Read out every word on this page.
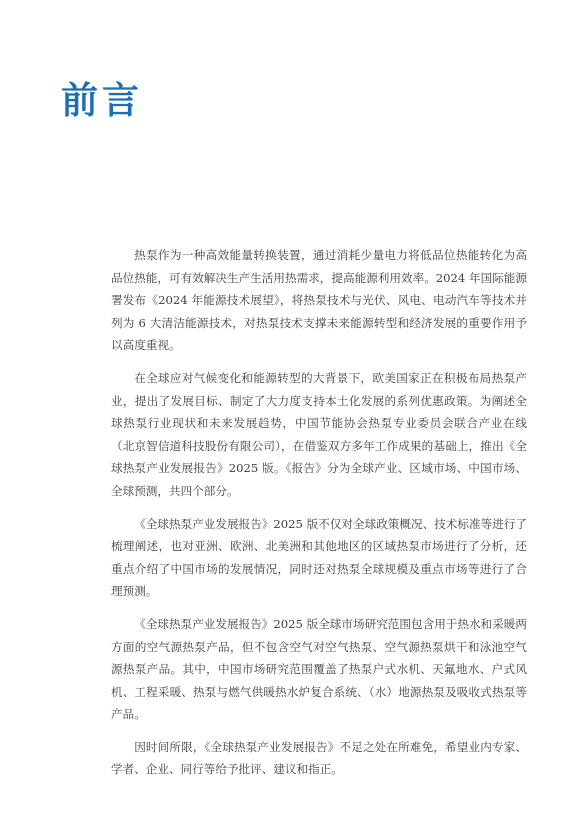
前言

热泵作为一种高效能量转换装置，通过消耗少量电力将低品位热能转化为高品位热能，可有效解决生产生活用热需求，提高能源利用效率。2024 年国际能源署发布《2024 年能源技术展望》，将热泵技术与光伏、风电、电动汽车等技术并列为 6 大清洁能源技术，对热泵技术支撑未来能源转型和经济发展的重要作用予以高度重视。

在全球应对气候变化和能源转型的大背景下，欧美国家正在积极布局热泵产业，提出了发展目标、制定了大力度支持本土化发展的系列优惠政策。为阐述全球热泵行业现状和未来发展趋势，中国节能协会热泵专业委员会联合产业在线（北京智信道科技股份有限公司），在借鉴双方多年工作成果的基础上，推出《全球热泵产业发展报告》2025 版。《报告》分为全球产业、区域市场、中国市场、全球预测，共四个部分。

《全球热泵产业发展报告》2025 版不仅对全球政策概况、技术标准等进行了梳理阐述，也对亚洲、欧洲、北美洲和其他地区的区域热泵市场进行了分析，还重点介绍了中国市场的发展情况，同时还对热泵全球规模及重点市场等进行了合理预测。

《全球热泵产业发展报告》2025 版全球市场研究范围包含用于热水和采暖两方面的空气源热泵产品，但不包含空气对空气热泵、空气源热泵烘干和泳池空气源热泵产品。其中，中国市场研究范围覆盖了热泵户式水机、天氟地水、户式风机、工程采暖、热泵与燃气供暖热水炉复合系统、（水）地源热泵及吸收式热泵等产品。

因时间所限，《全球热泵产业发展报告》不足之处在所难免，希望业内专家、学者、企业、同行等给予批评、建议和指正。
